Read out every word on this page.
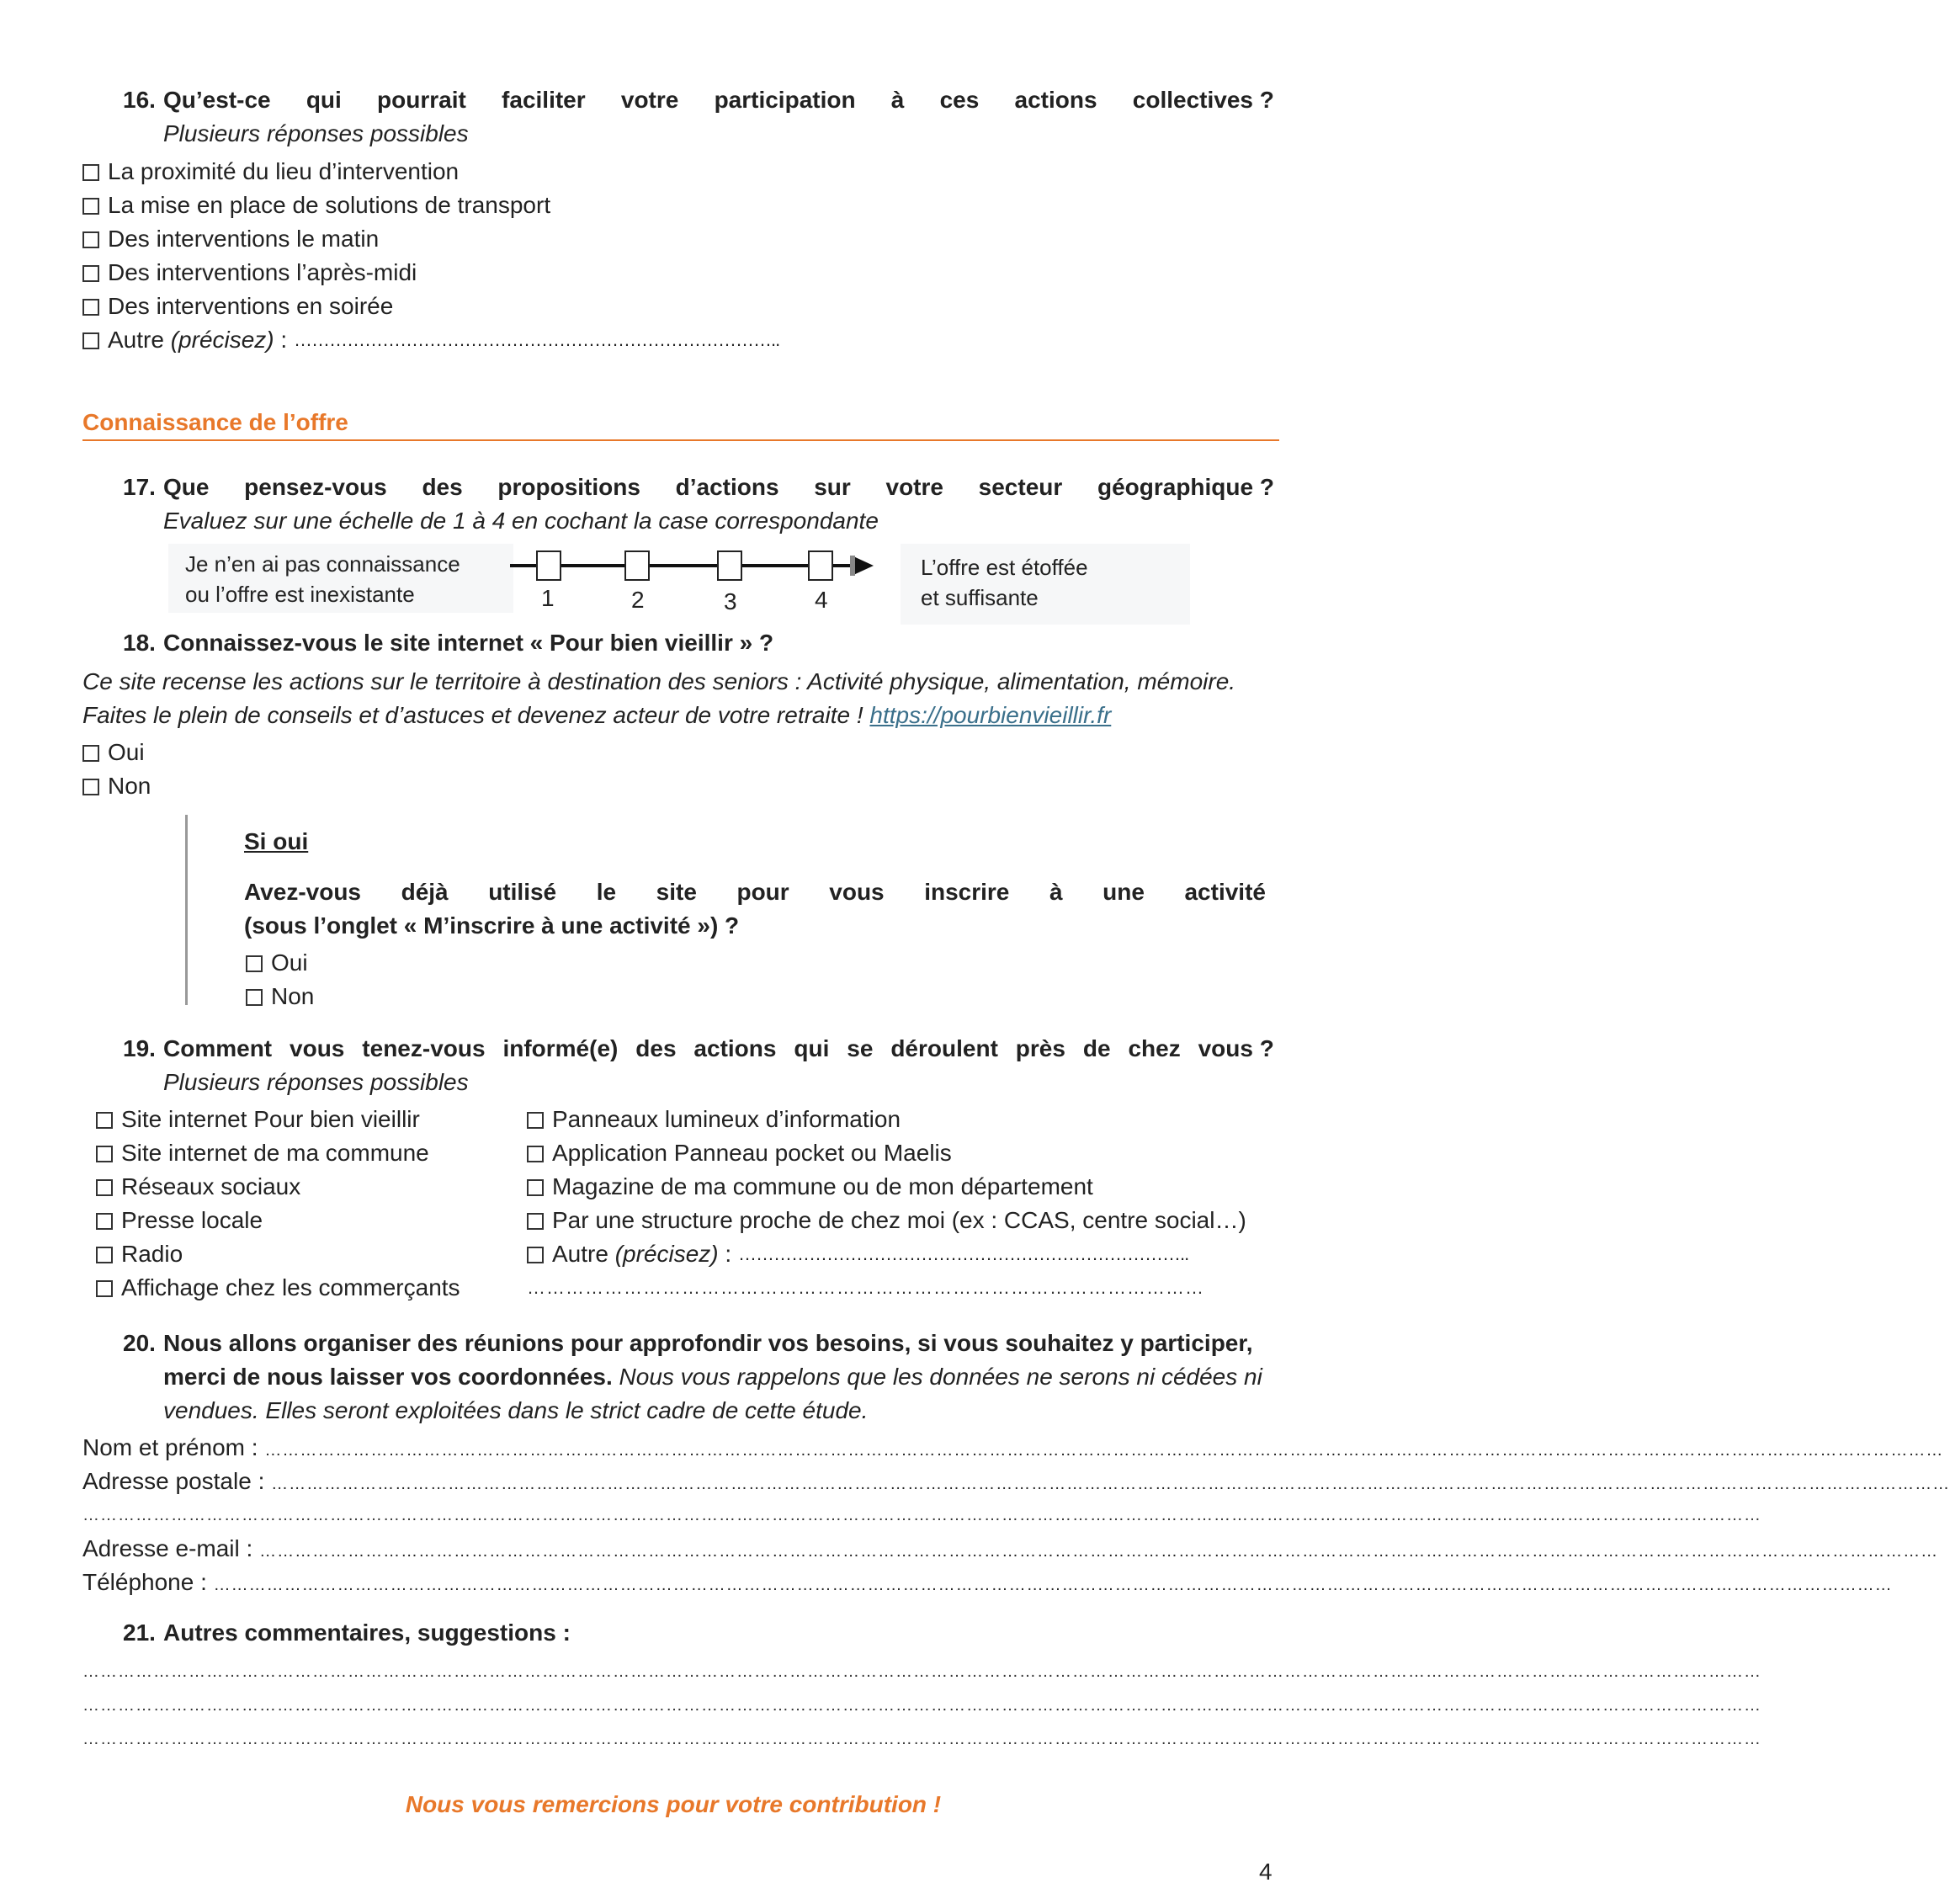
16. Qu’est-ce qui pourrait faciliter votre participation à ces actions collectives ?
Plusieurs réponses possibles
La proximité du lieu d’intervention
La mise en place de solutions de transport
Des interventions le matin
Des interventions l’après-midi
Des interventions en soirée
Autre
(précisez) : ………………………………………………………………………..
Connaissance de l’offre
17. Que pensez-vous des propositions d’actions sur votre secteur géographique ?
Evaluez sur une échelle de 1 à 4 en cochant la case correspondante
Je n’en ai pas connaissance
ou l’offre est inexistante
L’offre est étoffée
et suffisante
1	2	3	4
18. Connaissez-vous le site internet « Pour bien vieillir » ?
Ce site recense les actions sur le territoire à destination des seniors : Activité physique, alimentation, mémoire.
Faites le plein de conseils et d’astuces et devenez acteur de votre retraite ! https://pourbienvieillir.fr
Oui
Non
Si oui
Avez-vous déjà utilisé le site pour vous inscrire à une activité
(sous l’onglet « M’inscrire à une activité ») ?
Oui
Non
19. Comment vous tenez-vous informé(e) des actions qui se déroulent près de chez vous ?
Plusieurs réponses possibles
Site internet Pour bien vieillir
Site internet de ma commune
Réseaux sociaux
Presse locale
Radio
Affichage chez les commerçants
Panneaux lumineux d’information
Application Panneau pocket ou Maelis
Magazine de ma commune ou de mon département
Par une structure proche de chez moi (ex : CCAS, centre social…)
Autre
(précisez) : …………………………………………………………………..
……………………………………………………………………………………………
20. Nous allons organiser des réunions pour approfondir vos besoins, si vous souhaitez y participer,
merci de nous laisser vos coordonnées. Nous vous rappelons que les données ne serons ni cédées ni
vendues. Elles seront exploitées dans le strict cadre de cette étude.
Nom et prénom : ……………………………………………………………………………………………………………………………………………………………………………………………………………………………………………………………
Adresse postale : ……………………………………………………………………………………………………………………………………………………………………………………………………………………………………………………………
……………………………………………………………………………………………………………………………………………………………………………………………………………………………………………………………
Adresse e-mail : ……………………………………………………………………………………………………………………………………………………………………………………………………………………………………………………………
Téléphone : ……………………………………………………………………………………………………………………………………………………………………………………………………………………………………………………………
21. Autres commentaires, suggestions :
……………………………………………………………………………………………………………………………………………………………………………………………………………………………………………………………
……………………………………………………………………………………………………………………………………………………………………………………………………………………………………………………………
……………………………………………………………………………………………………………………………………………………………………………………………………………………………………………………………
Nous vous remercions pour votre contribution !
4
